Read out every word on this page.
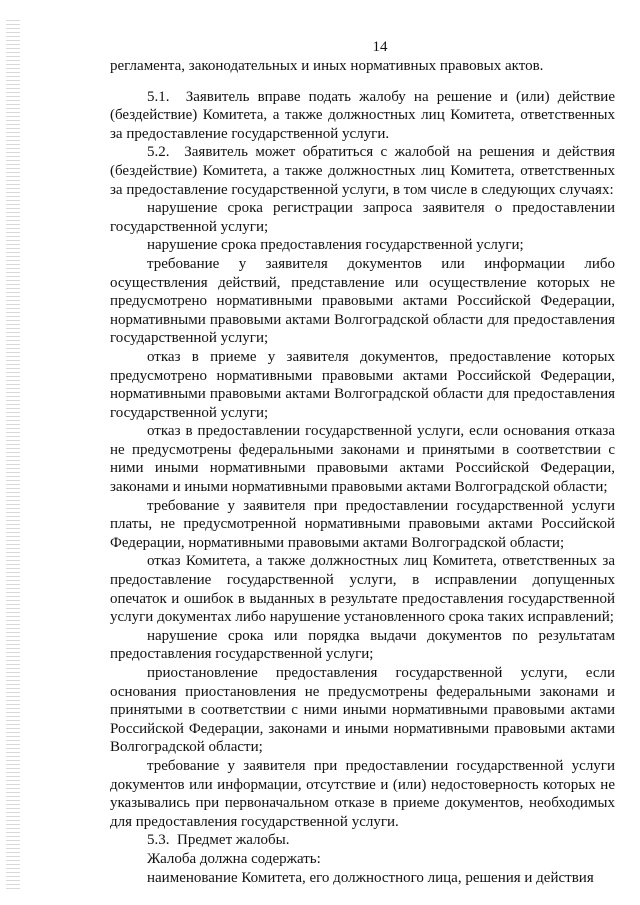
14

регламента, законодательных и иных нормативных правовых актов.

5.1.  Заявитель вправе подать жалобу на решение и (или) действие (бездействие) Комитета, а также должностных лиц Комитета, ответственных за предоставление государственной услуги.

5.2.  Заявитель может обратиться с жалобой на решения и действия (бездействие) Комитета, а также должностных лиц Комитета, ответственных за предоставление государственной услуги, в том числе в следующих случаях:

нарушение срока регистрации запроса заявителя о предоставлении государственной услуги;

нарушение срока предоставления государственной услуги;

требование у заявителя документов или информации либо осуществления действий, представление или осуществление которых не предусмотрено нормативными правовыми актами Российской Федерации, нормативными правовыми актами Волгоградской области для предоставления государственной услуги;

отказ в приеме у заявителя документов, предоставление которых предусмотрено нормативными правовыми актами Российской Федерации, нормативными правовыми актами Волгоградской области для предоставления государственной услуги;

отказ в предоставлении государственной услуги, если основания отказа не предусмотрены федеральными законами и принятыми в соответствии с ними иными нормативными правовыми актами Российской Федерации, законами и иными нормативными правовыми актами Волгоградской области;

требование у заявителя при предоставлении государственной услуги платы, не предусмотренной нормативными правовыми актами Российской Федерации, нормативными правовыми актами Волгоградской области;

отказ Комитета, а также должностных лиц Комитета, ответственных за предоставление государственной услуги, в исправлении допущенных опечаток и ошибок в выданных в результате предоставления государственной услуги документах либо нарушение установленного срока таких исправлений;

нарушение срока или порядка выдачи документов по результатам предоставления государственной услуги;

приостановление предоставления государственной услуги, если основания приостановления не предусмотрены федеральными законами и принятыми в соответствии с ними иными нормативными правовыми актами Российской Федерации, законами и иными нормативными правовыми актами Волгоградской области;

требование у заявителя при предоставлении государственной услуги документов или информации, отсутствие и (или) недостоверность которых не указывались при первоначальном отказе в приеме документов, необходимых для предоставления государственной услуги.

5.3.  Предмет жалобы.

Жалоба должна содержать:

наименование Комитета, его должностного лица, решения и действия
